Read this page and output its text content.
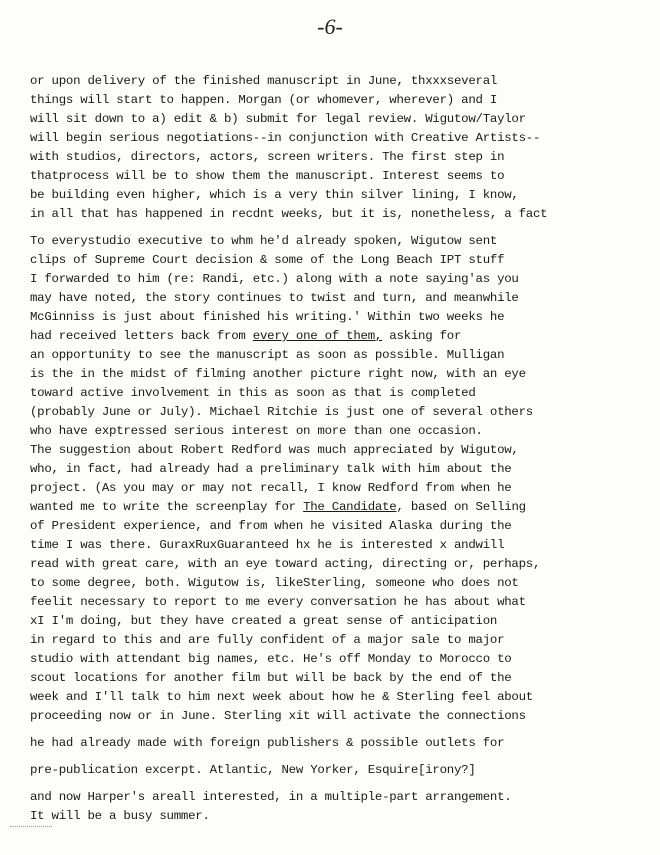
-6-
or upon delivery of the finished manuscript in June, thxxxseveral
things will start to happen. Morgan (or whomever, wherever) and I
will sit down to a) edit & b) submit for legal review. Wigutow/Taylor
will begin serious negotiations--in conjunction with Creative Artists--
with studios, directors, actors, screen writers. The first step in
thatprocess will be to show them the manuscript. Interest seems to
be building even higher, which is a very thin silver lining, I know,
in all that has happened in recdnt weeks, but it is, nonetheless, a fact
To everystudio executive to whm he'd already spoken, Wigutow sent
clips of Supreme Court decision & some of the Long Beach IPT stuff
I forwarded to him (re: Randi, etc.) along with a note saying'as you
may have noted, the story continues to twist and turn, and meanwhile
McGinniss is just about finished his writing.' Within two weeks he
had received letters back from every one of them, asking for
an opportunity to see the manuscript as soon as possible. Mulligan
is the in the midst of filming another picture right now, with an eye
toward active involvement in this as soon as that is completed
(probably June or July). Michael Ritchie is just one of several others
who have exptressed serious interest on more than one occasion.
The suggestion about Robert Redford was much appreciated by Wigutow,
who, in fact, had already had a preliminary talk with him about the
project. (As you may or may not recall, I know Redford from when he
wanted me to write the screenplay for The Candidate, based on Selling
of President experience, and from when he visited Alaska during the
time I was there. GuraxRuxGuaranteed hx he is interested x andwill
read with great care, with an eye toward acting, directing or, perhaps,
to some degree, both. Wigutow is, likeSterling, someone who does not
feelit necessary to report to me every conversation he has about what
xI I'm doing, but they have created a great sense of anticipation
in regard to this and are fully confident of a major sale to major
studio with attendant big names, etc. He's off Monday to Morocco to
scout locations for another film but will be back by the end of the
week and I'll talk to him next week about how he & Sterling feel about
proceeding now or in June. Sterling xit will activate the connections
he had already made with foreign publishers & possible outlets for
pre-publication excerpt. Atlantic, New Yorker, Esquire[irony?]
and now Harper's areall interested, in a multiple-part arrangement.
It will be a busy summer.
